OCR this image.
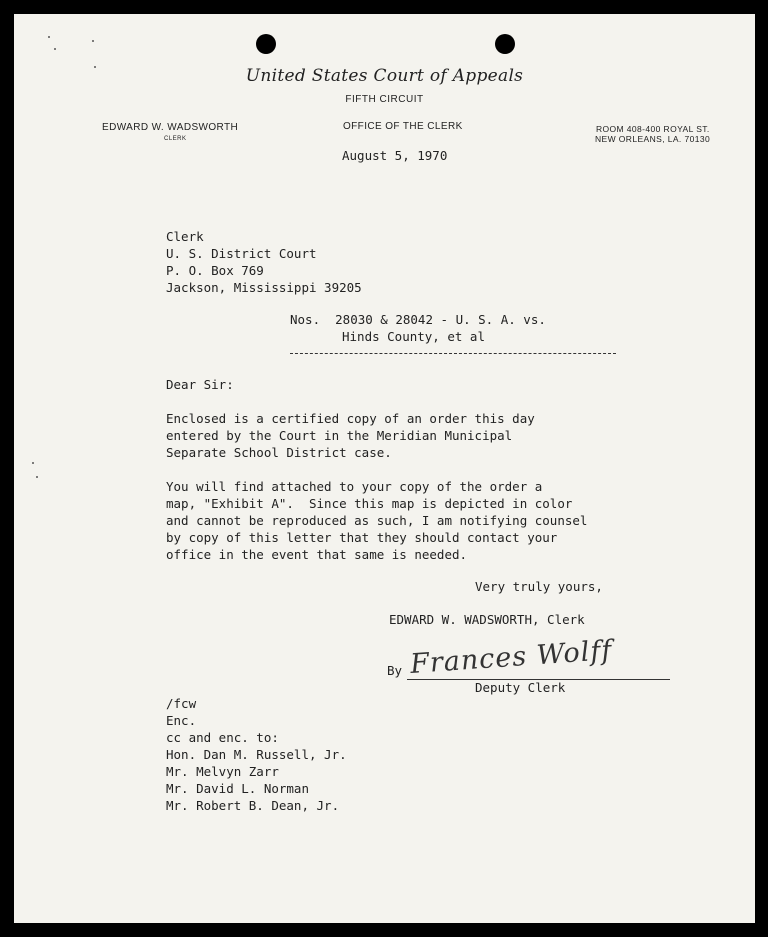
United States Court of Appeals
FIFTH CIRCUIT
EDWARD W. WADSWORTH
CLERK
OFFICE OF THE CLERK	ROOM 408-400 ROYAL ST.
NEW ORLEANS, LA. 70130
August 5, 1970
Clerk
U. S. District Court
P. O. Box 769
Jackson, Mississippi 39205
Nos.  28030 & 28042 - U. S. A. vs.
Hinds County, et al
Dear Sir:
Enclosed is a certified copy of an order this day
entered by the Court in the Meridian Municipal
Separate School District case.
You will find attached to your copy of the order a
map, "Exhibit A".  Since this map is depicted in color
and cannot be reproduced as such, I am notifying counsel
by copy of this letter that they should contact your
office in the event that same is needed.
Very truly yours,
EDWARD W. WADSWORTH, Clerk
By Frances Wolff
Deputy Clerk
/fcw
Enc.
cc and enc. to:
Hon. Dan M. Russell, Jr.
Mr. Melvyn Zarr
Mr. David L. Norman
Mr. Robert B. Dean, Jr.
